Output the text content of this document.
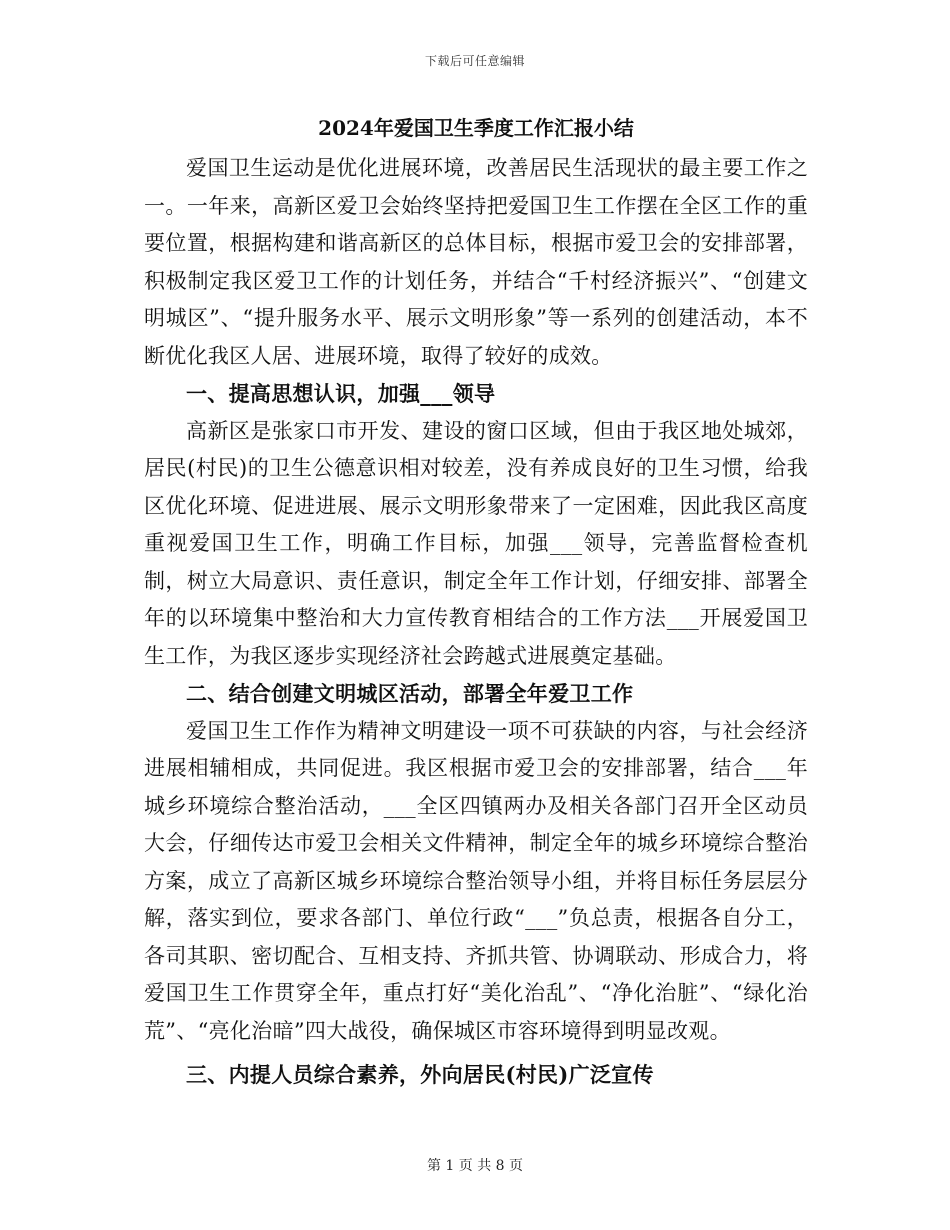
下载后可任意编辑
2024年爱国卫生季度工作汇报小结

爱国卫生运动是优化进展环境，改善居民生活现状的最主要工作之一。一年来，高新区爱卫会始终坚持把爱国卫生工作摆在全区工作的重要位置，根据构建和谐高新区的总体目标，根据市爱卫会的安排部署，积极制定我区爱卫工作的计划任务，并结合“千村经济振兴”、“创建文明城区”、“提升服务水平、展示文明形象”等一系列的创建活动，本不断优化我区人居、进展环境，取得了较好的成效。

一、提高思想认识，加强___领导

高新区是张家口市开发、建设的窗口区域，但由于我区地处城郊，居民(村民)的卫生公德意识相对较差，没有养成良好的卫生习惯，给我区优化环境、促进进展、展示文明形象带来了一定困难，因此我区高度重视爱国卫生工作，明确工作目标，加强___领导，完善监督检查机制，树立大局意识、责任意识，制定全年工作计划，仔细安排、部署全年的以环境集中整治和大力宣传教育相结合的工作方法___开展爱国卫生工作，为我区逐步实现经济社会跨越式进展奠定基础。

二、结合创建文明城区活动，部署全年爱卫工作

爱国卫生工作作为精神文明建设一项不可获缺的内容，与社会经济进展相辅相成，共同促进。我区根据市爱卫会的安排部署，结合___年城乡环境综合整治活动，___全区四镇两办及相关各部门召开全区动员大会，仔细传达市爱卫会相关文件精神，制定全年的城乡环境综合整治方案，成立了高新区城乡环境综合整治领导小组，并将目标任务层层分解，落实到位，要求各部门、单位行政“___”负总责，根据各自分工，各司其职、密切配合、互相支持、齐抓共管、协调联动、形成合力，将爱国卫生工作贯穿全年，重点打好“美化治乱”、“净化治脏”、“绿化治荒”、“亮化治暗”四大战役，确保城区市容环境得到明显改观。

三、内提人员综合素养，外向居民(村民)广泛宣传

第 1 页 共 8 页
